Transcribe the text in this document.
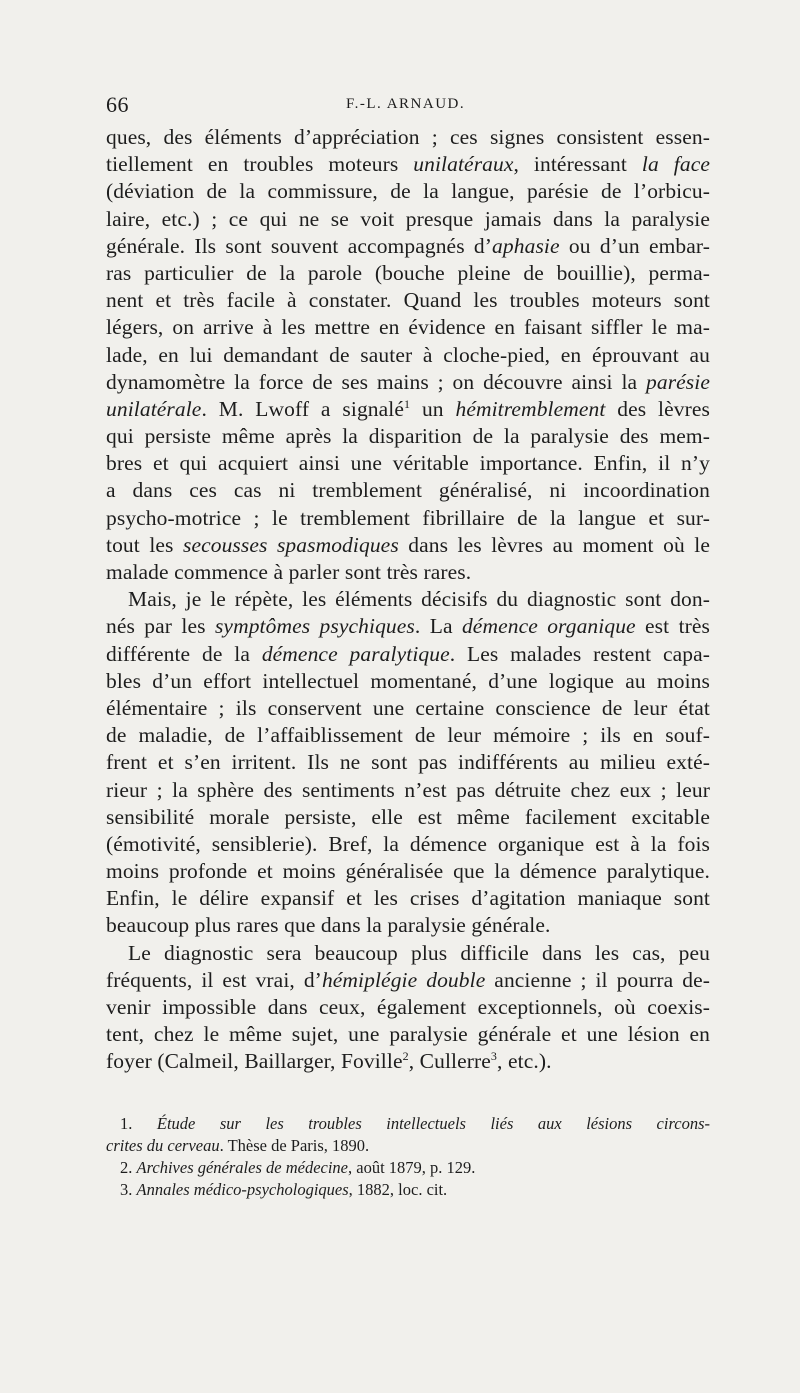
66	F.-L. ARNAUD.
ques, des éléments d’appréciation ; ces signes consistent essen-
tiellement en troubles moteurs unilatéraux, intéressant la face
(déviation de la commissure, de la langue, parésie de l’orbicu-
laire, etc.) ; ce qui ne se voit presque jamais dans la paralysie
générale. Ils sont souvent accompagnés d’aphasie ou d’un embar-
ras particulier de la parole (bouche pleine de bouillie), perma-
nent et très facile à constater. Quand les troubles moteurs sont
légers, on arrive à les mettre en évidence en faisant siffler le ma-
lade, en lui demandant de sauter à cloche-pied, en éprouvant au
dynamomètre la force de ses mains ; on découvre ainsi la parésie
unilatérale. M. Lwoff a signalé$^1$ un hémitremblement des lèvres
qui persiste même après la disparition de la paralysie des mem-
bres et qui acquiert ainsi une véritable importance. Enfin, il n’y
a dans ces cas ni tremblement généralisé, ni incoordination
psycho-motrice ; le tremblement fibrillaire de la langue et sur-
tout les secousses spasmodiques dans les lèvres au moment où le
malade commence à parler sont très rares.
Mais, je le répète, les éléments décisifs du diagnostic sont don-
nés par les symptômes psychiques. La démence organique est très
différente de la démence paralytique. Les malades restent capa-
bles d’un effort intellectuel momentané, d’une logique au moins
élémentaire ; ils conservent une certaine conscience de leur état
de maladie, de l’affaiblissement de leur mémoire ; ils en souf-
frent et s’en irritent. Ils ne sont pas indifférents au milieu exté-
rieur ; la sphère des sentiments n’est pas détruite chez eux ; leur
sensibilité morale persiste, elle est même facilement excitable
(émotivité, sensiblerie). Bref, la démence organique est à la fois
moins profonde et moins généralisée que la démence paralytique.
Enfin, le délire expansif et les crises d’agitation maniaque sont
beaucoup plus rares que dans la paralysie générale.
Le diagnostic sera beaucoup plus difficile dans les cas, peu
fréquents, il est vrai, d’hémiplégie double ancienne ; il pourra de-
venir impossible dans ceux, également exceptionnels, où coexis-
tent, chez le même sujet, une paralysie générale et une lésion en
foyer (Calmeil, Baillarger, Foville$^2$, Cullerre$^3$, etc.).
1. Étude sur les troubles intellectuels liés aux lésions circons-
crites du cerveau. Thèse de Paris, 1890.
2. Archives générales de médecine, août 1879, p. 129.
3. Annales médico-psychologiques, 1882, loc. cit.
